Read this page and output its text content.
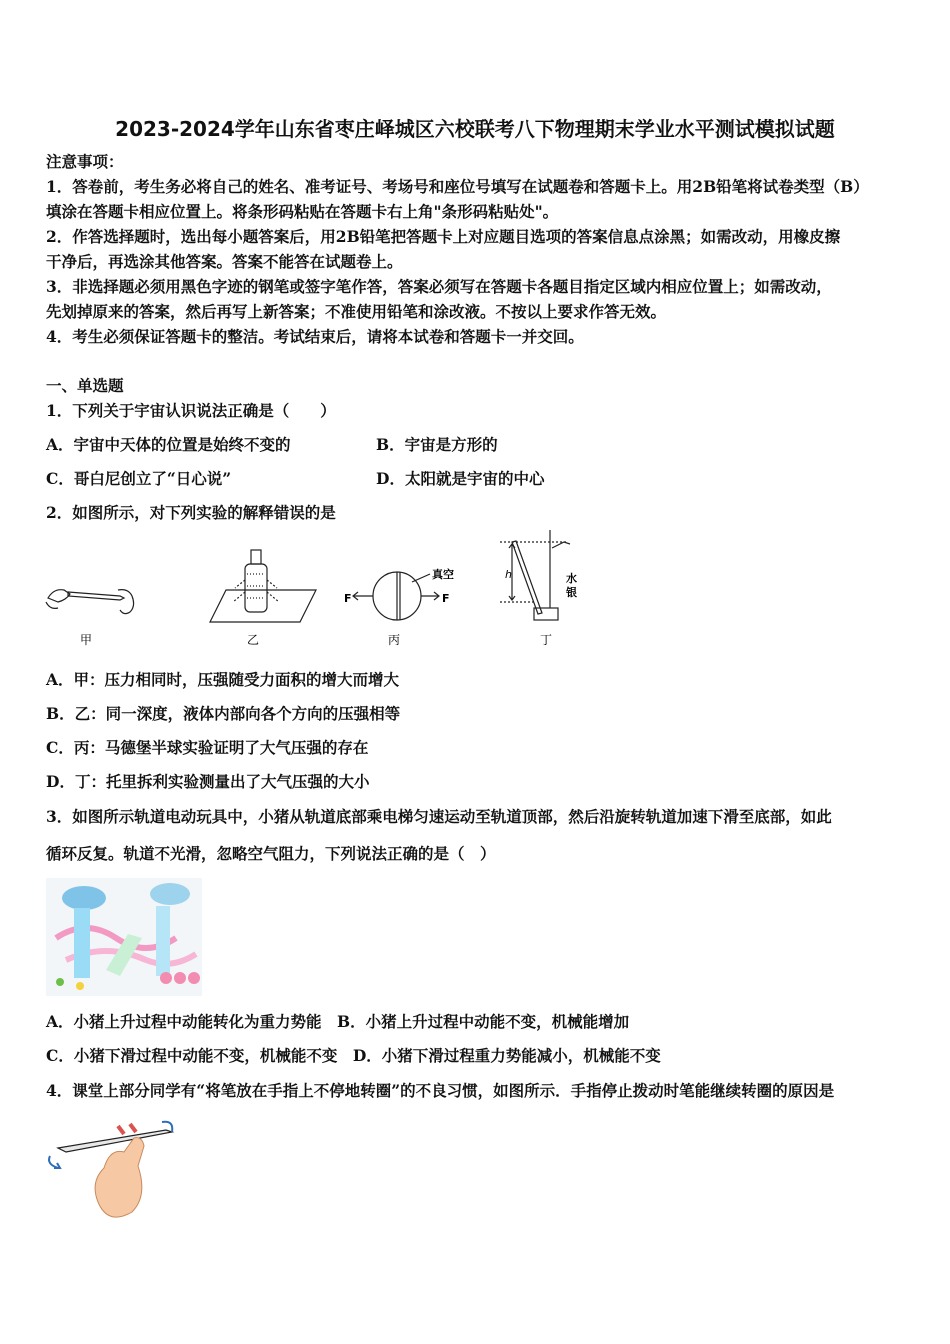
2023-2024学年山东省枣庄峄城区六校联考八下物理期末学业水平测试模拟试题
注意事项：
1．答卷前，考生务必将自己的姓名、准考证号、考场号和座位号填写在试题卷和答题卡上。用2B铅笔将试卷类型（B）
填涂在答题卡相应位置上。将条形码粘贴在答题卡右上角"条形码粘贴处"。
2．作答选择题时，选出每小题答案后，用2B铅笔把答题卡上对应题目选项的答案信息点涂黑；如需改动，用橡皮擦
干净后，再选涂其他答案。答案不能答在试题卷上。
3．非选择题必须用黑色字迹的钢笔或签字笔作答，答案必须写在答题卡各题目指定区域内相应位置上；如需改动，
先划掉原来的答案，然后再写上新答案；不准使用铅笔和涂改液。不按以上要求作答无效。
4．考生必须保证答题卡的整洁。考试结束后，请将本试卷和答题卡一并交回。
一、单选题
1．下列关于宇宙认识说法正确是（　　）
A．宇宙中天体的位置是始终不变的	B．宇宙是方形的
C．哥白尼创立了“日心说”	D．太阳就是宇宙的中心
2．如图所示，对下列实验的解释错误的是
甲	乙
F	F
真空
丙
h	水
银
丁
A．甲：压力相同时，压强随受力面积的增大而增大
B．乙：同一深度，液体内部向各个方向的压强相等
C．丙：马德堡半球实验证明了大气压强的存在
D．丁：托里拆利实验测量出了大气压强的大小
3．如图所示轨道电动玩具中，小猪从轨道底部乘电梯匀速运动至轨道顶部，然后沿旋转轨道加速下滑至底部，如此
循环反复。轨道不光滑，忽略空气阻力，下列说法正确的是（　）
A．小猪上升过程中动能转化为重力势能　B．小猪上升过程中动能不变，机械能增加
C．小猪下滑过程中动能不变，机械能不变　D．小猪下滑过程重力势能减小，机械能不变
4．课堂上部分同学有“将笔放在手指上不停地转圈”的不良习惯，如图所示．手指停止拨动时笔能继续转圈的原因是
